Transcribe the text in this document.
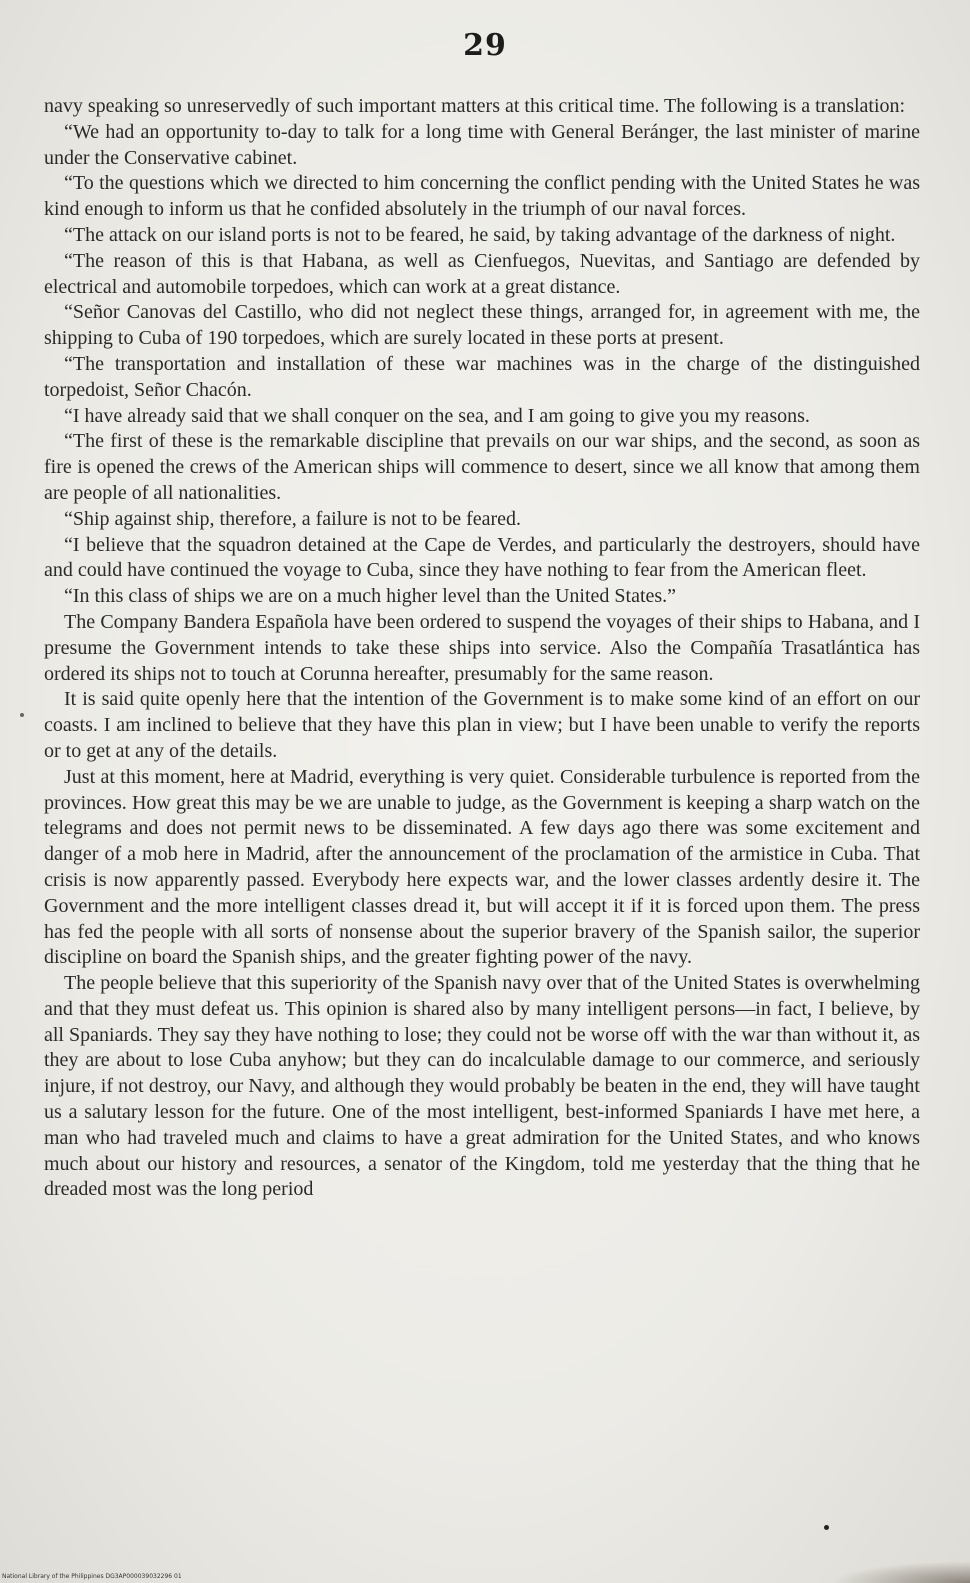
29

navy speaking so unreservedly of such important matters at this critical time. The following is a translation:

“We had an opportunity to-day to talk for a long time with General Beránger, the last minister of marine under the Conservative cabinet.

“To the questions which we directed to him concerning the conflict pending with the United States he was kind enough to inform us that he confided absolutely in the triumph of our naval forces.

“The attack on our island ports is not to be feared, he said, by taking advantage of the darkness of night.

“The reason of this is that Habana, as well as Cienfuegos, Nuevitas, and Santiago are defended by electrical and automobile torpedoes, which can work at a great distance.

“Señor Canovas del Castillo, who did not neglect these things, arranged for, in agreement with me, the shipping to Cuba of 190 torpedoes, which are surely located in these ports at present.

“The transportation and installation of these war machines was in the charge of the distinguished torpedoist, Señor Chacón.

“I have already said that we shall conquer on the sea, and I am going to give you my reasons.

“The first of these is the remarkable discipline that prevails on our war ships, and the second, as soon as fire is opened the crews of the American ships will commence to desert, since we all know that among them are people of all nationalities.

“Ship against ship, therefore, a failure is not to be feared.

“I believe that the squadron detained at the Cape de Verdes, and particularly the destroyers, should have and could have continued the voyage to Cuba, since they have nothing to fear from the American fleet.

“In this class of ships we are on a much higher level than the United States.”

The Company Bandera Española have been ordered to suspend the voyages of their ships to Habana, and I presume the Government intends to take these ships into service. Also the Compañía Trasatlántica has ordered its ships not to touch at Corunna hereafter, presumably for the same reason.

It is said quite openly here that the intention of the Government is to make some kind of an effort on our coasts. I am inclined to believe that they have this plan in view; but I have been unable to verify the reports or to get at any of the details.

Just at this moment, here at Madrid, everything is very quiet. Considerable turbulence is reported from the provinces. How great this may be we are unable to judge, as the Government is keeping a sharp watch on the telegrams and does not permit news to be disseminated. A few days ago there was some excitement and danger of a mob here in Madrid, after the announcement of the proclamation of the armistice in Cuba. That crisis is now apparently passed. Everybody here expects war, and the lower classes ardently desire it. The Government and the more intelligent classes dread it, but will accept it if it is forced upon them. The press has fed the people with all sorts of nonsense about the superior bravery of the Spanish sailor, the superior discipline on board the Spanish ships, and the greater fighting power of the navy.

The people believe that this superiority of the Spanish navy over that of the United States is overwhelming and that they must defeat us. This opinion is shared also by many intelligent persons—in fact, I believe, by all Spaniards. They say they have nothing to lose; they could not be worse off with the war than without it, as they are about to lose Cuba anyhow; but they can do incalculable damage to our commerce, and seriously injure, if not destroy, our Navy, and although they would probably be beaten in the end, they will have taught us a salutary lesson for the future. One of the most intelligent, best-informed Spaniards I have met here, a man who had traveled much and claims to have a great admiration for the United States, and who knows much about our history and resources, a senator of the Kingdom, told me yesterday that the thing that he dreaded most was the long period

National Library of the Philippines DG3AP000039032296 01
